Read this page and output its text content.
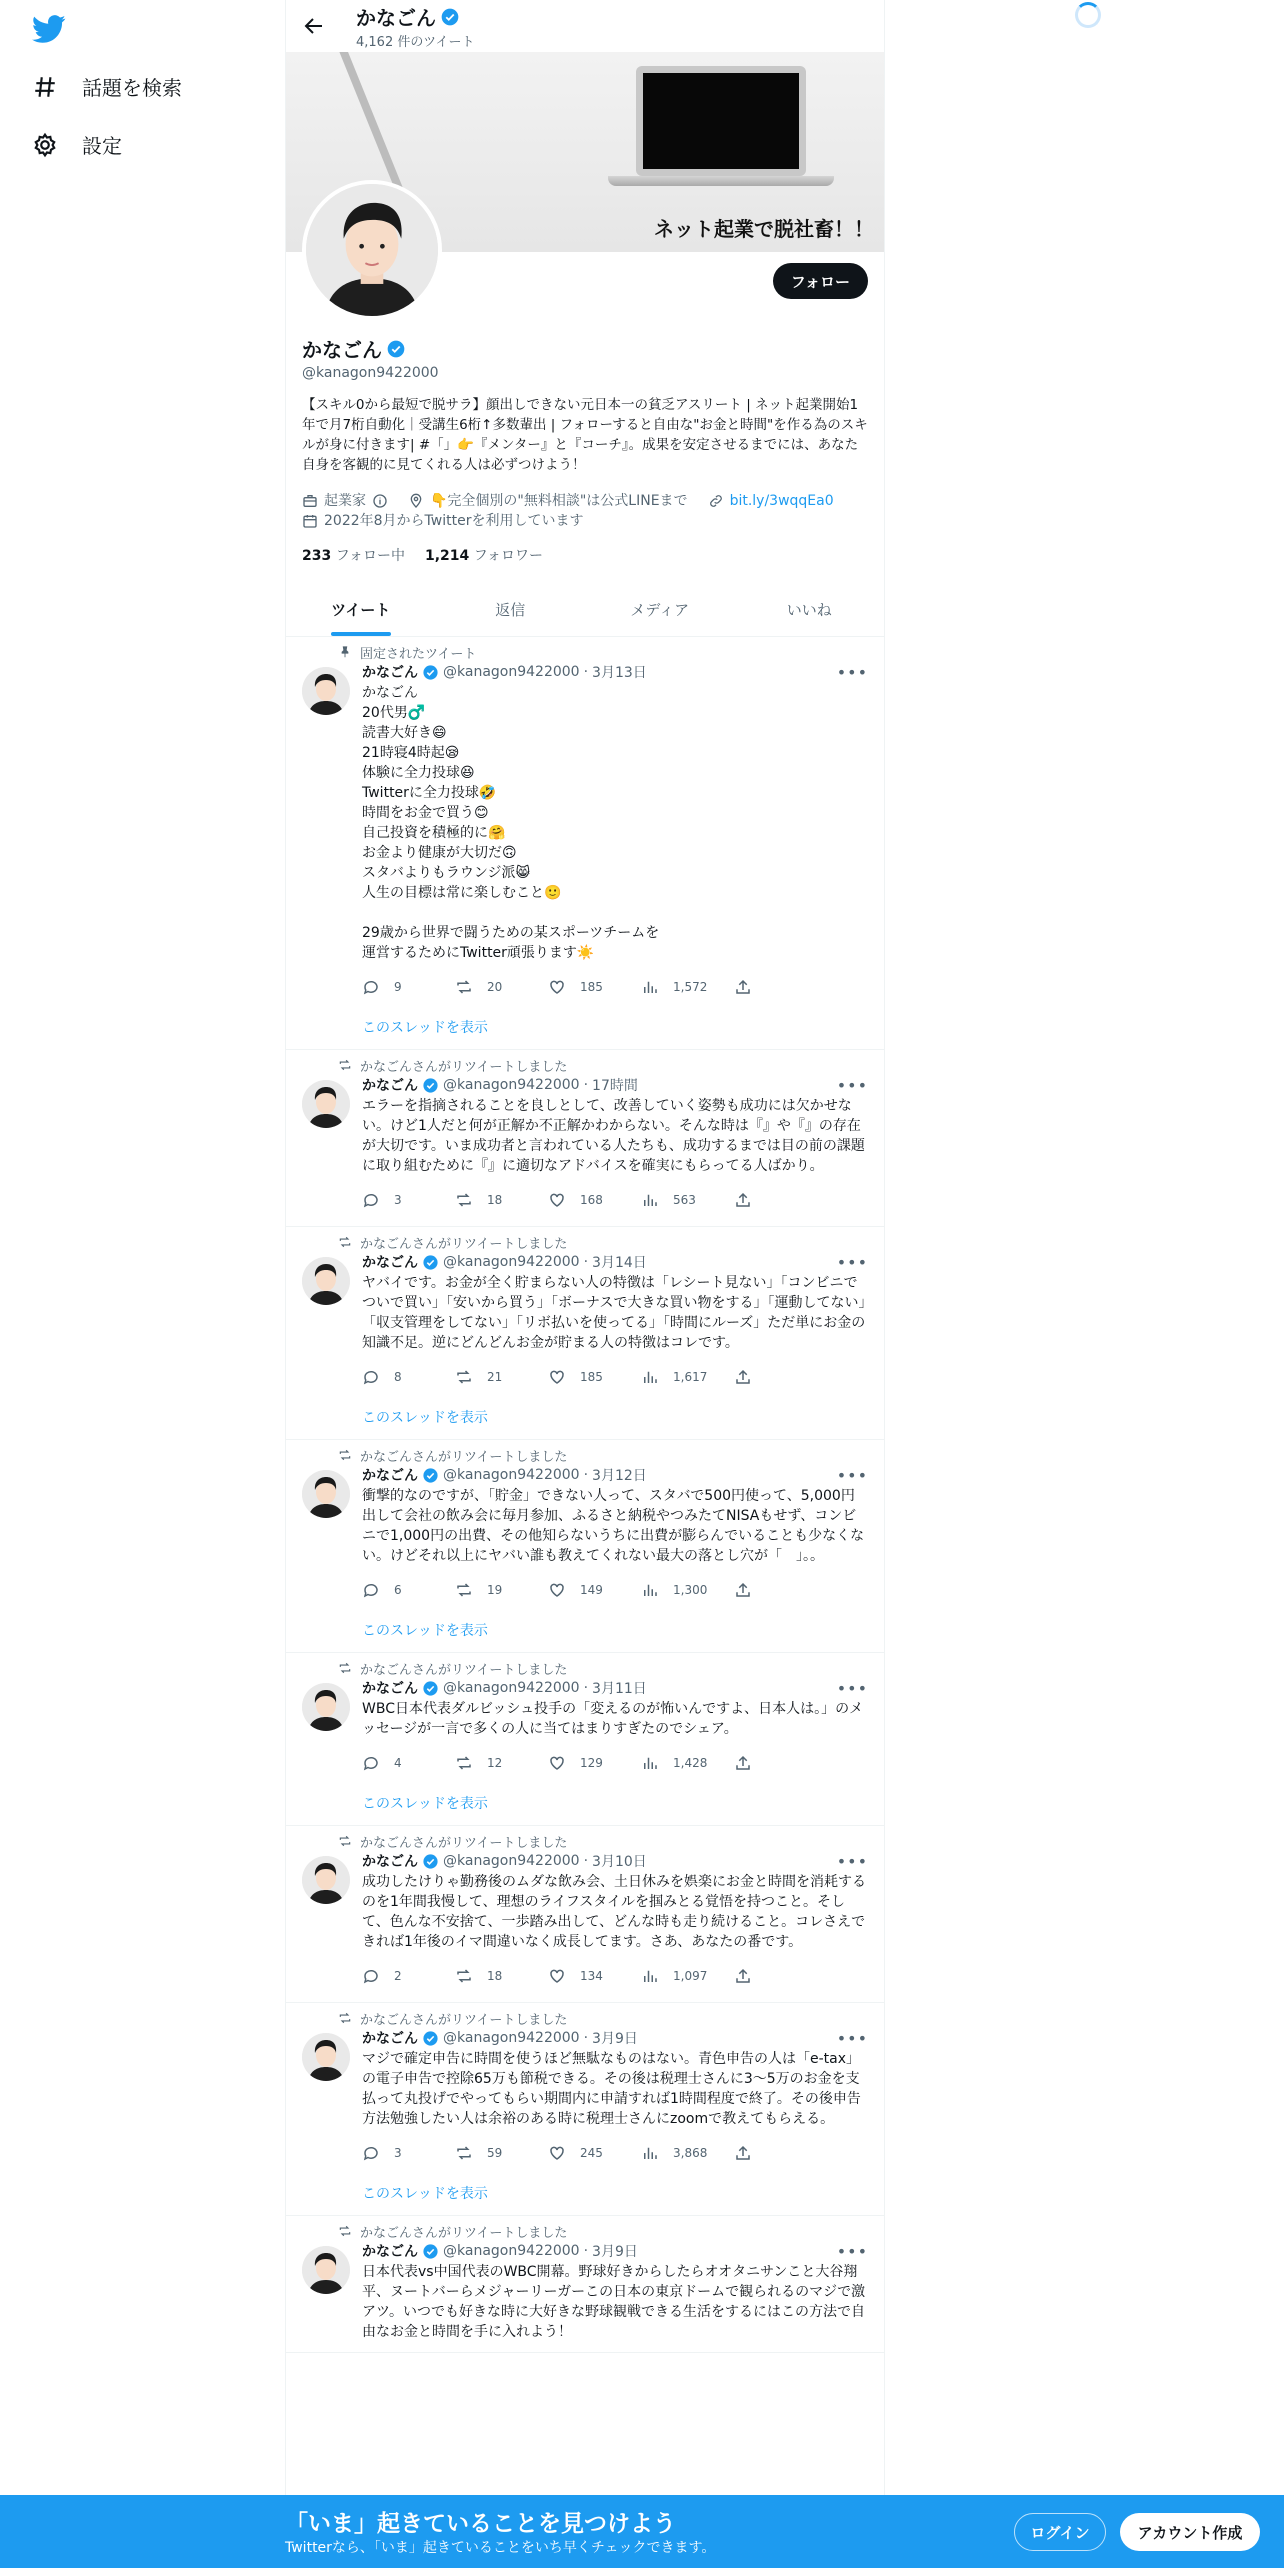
話題を検索
設定
かなごん
4,162 件のツイート
ネット起業で脱社畜！！
フォロー
かなごん
@kanagon9422000
【スキル0から最短で脱サラ】顔出しできない元日本一の貧乏アスリート | ネット起業開始1年で月7桁自動化｜受講生6桁↑多数輩出 | フォローすると自由な"お金と時間"を作る為のスキルが身に付きます| #「」👉『メンター』と『コーチ』。成果を安定させるまでには、あなた自身を客観的に見てくれる人は必ずつけよう！
起業家	👇完全個別の"無料相談"は公式LINEまで	bit.ly/3wqqEa0
2022年8月からTwitterを利用しています
233 フォロー中 1,214 フォロワー
ツイート	返信	メディア	いいね
固定されたツイート
かなごん @kanagon9422000 · 3月13日	•••
かなごん
20代男♂️
読書大好き😄
21時寝4時起😪
体験に全力投球😆
Twitterに全力投球🤣
時間をお金で買う😊
自己投資を積極的に🤗
お金より健康が大切だ🙃
スタバよりもラウンジ派😸
人生の目標は常に楽しむこと🙂

29歳から世界で闘うための某スポーツチームを
運営するためにTwitter頑張ります☀️
9	20	185	1,572
このスレッドを表示
かなごんさんがリツイートしました
かなごん @kanagon9422000 · 17時間	•••
エラーを指摘されることを良しとして、改善していく姿勢も成功には欠かせない。けど1人だと何が正解か不正解かわからない。そんな時は『』や『』の存在が大切です。いま成功者と言われている人たちも、成功するまでは目の前の課題に取り組むために『』に適切なアドバイスを確実にもらってる人ばかり。
3	18	168	563
かなごんさんがリツイートしました
かなごん @kanagon9422000 · 3月14日	•••
ヤバイです。お金が全く貯まらない人の特徴は「レシート見ない」「コンビニでついで買い」「安いから買う」「ボーナスで大きな買い物をする」「運動してない」「収支管理をしてない」「リボ払いを使ってる」「時間にルーズ」ただ単にお金の知識不足。逆にどんどんお金が貯まる人の特徴はコレです。
8	21	185	1,617
このスレッドを表示
かなごんさんがリツイートしました
かなごん @kanagon9422000 · 3月12日	•••
衝撃的なのですが、「貯金」できない人って、スタバで500円使って、5,000円出して会社の飲み会に毎月参加、ふるさと納税やつみたてNISAもせず、コンビニで1,000円の出費、その他知らないうちに出費が膨らんでいることも少なくない。けどそれ以上にヤバい誰も教えてくれない最大の落とし穴が「　」。。
6	19	149	1,300
このスレッドを表示
かなごんさんがリツイートしました
かなごん @kanagon9422000 · 3月11日	•••
WBC日本代表ダルビッシュ投手の「変えるのが怖いんですよ、日本人は。」のメッセージが一言で多くの人に当てはまりすぎたのでシェア。
4	12	129	1,428
このスレッドを表示
かなごんさんがリツイートしました
かなごん @kanagon9422000 · 3月10日	•••
成功したけりゃ勤務後のムダな飲み会、土日休みを娯楽にお金と時間を消耗するのを1年間我慢して、理想のライフスタイルを掴みとる覚悟を持つこと。そして、色んな不安捨て、一歩踏み出して、どんな時も走り続けること。コレさえできれば1年後のイマ間違いなく成長してます。さあ、あなたの番です。
2	18	134	1,097
かなごんさんがリツイートしました
かなごん @kanagon9422000 · 3月9日	•••
マジで確定申告に時間を使うほど無駄なものはない。青色申告の人は「e-tax」の電子申告で控除65万も節税できる。その後は税理士さんに3〜5万のお金を支払って丸投げでやってもらい期間内に申請すれば1時間程度で終了。その後申告方法勉強したい人は余裕のある時に税理士さんにzoomで教えてもらえる。
3	59	245	3,868
このスレッドを表示
かなごんさんがリツイートしました
かなごん @kanagon9422000 · 3月9日	•••
日本代表vs中国代表のWBC開幕。野球好きからしたらオオタニサンこと大谷翔平、ヌートバーらメジャーリーガーこの日本の東京ドームで観られるのマジで激アツ。いつでも好きな時に大好きな野球観戦できる生活をするにはこの方法で自由なお金と時間を手に入れよう！
「いま」起きていることを見つけよう
Twitterなら、「いま」起きていることをいち早くチェックできます。
ログイン	アカウント作成
